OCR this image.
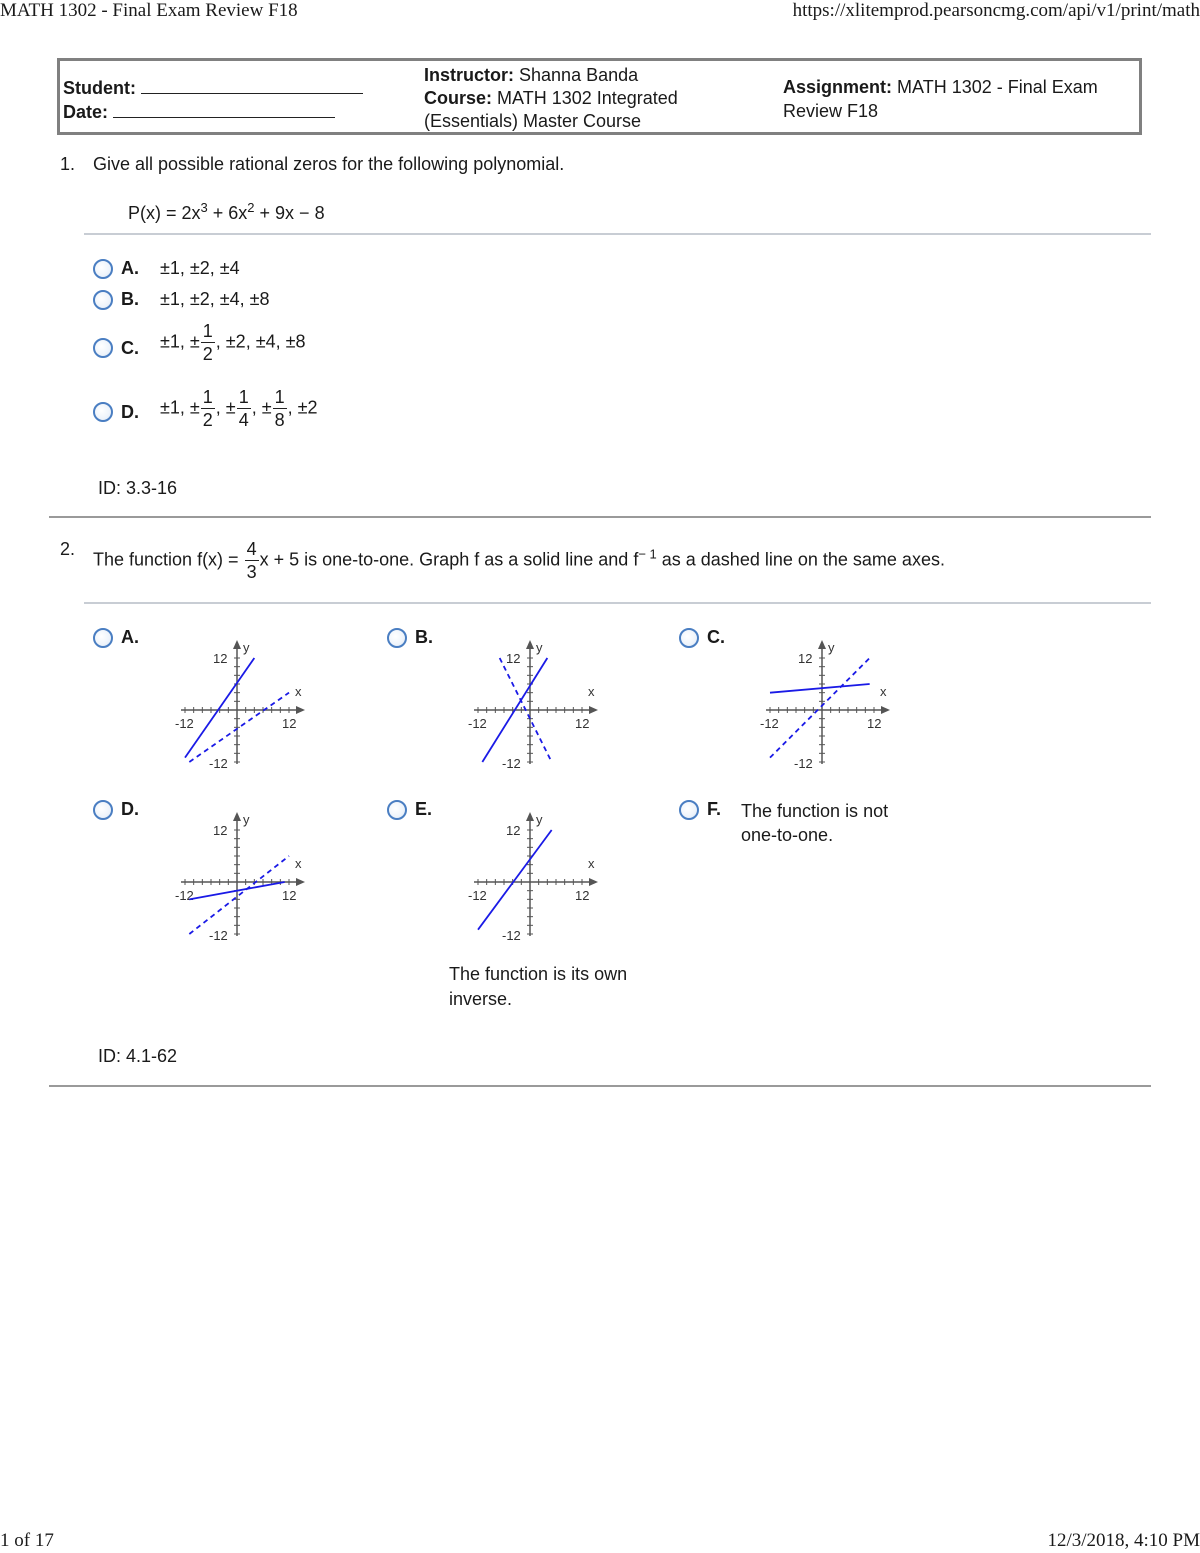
MATH 1302 - Final Exam Review F18	https://xlitemprod.pearsoncmg.com/api/v1/print/math
Student:
Date:
Instructor: Shanna Banda
Course: MATH 1302 Integrated
(Essentials) Master Course
Assignment: MATH 1302 - Final Exam
Review F18
1. Give all possible rational zeros for the following polynomial.
$P(x) = 2x^3 + 6x^2 + 9x - 8$
A. ±1, ±2, ±4
B. ±1, ±2, ±4, ±8
C. ±1, ± $\frac{1}{2}$ , ±2, ±4, ±8
D. ±1, ± $\frac{1}{2}$ , ± $\frac{1}{4}$ , ± $\frac{1}{8}$ , ±2
ID: 3.3-16
2.
The function $f(x) = \frac{4}{3}$ x + 5 is one-to-one. Graph f as a solid line and $f^{- 1}$ as a dashed line on the same axes.
A.	B.	C.
D.	E.	F. The function is not
one-to-one.
12
-12
12
-12
x
y
12
-12
12
-12
x
y
12
-12
12
-12
x
y
12
-12
12
-12
x
y
12
-12
12
-12
x
y
The function is its own
inverse.
ID: 4.1-62
1 of 17	12/3/2018, 4:10 PM
